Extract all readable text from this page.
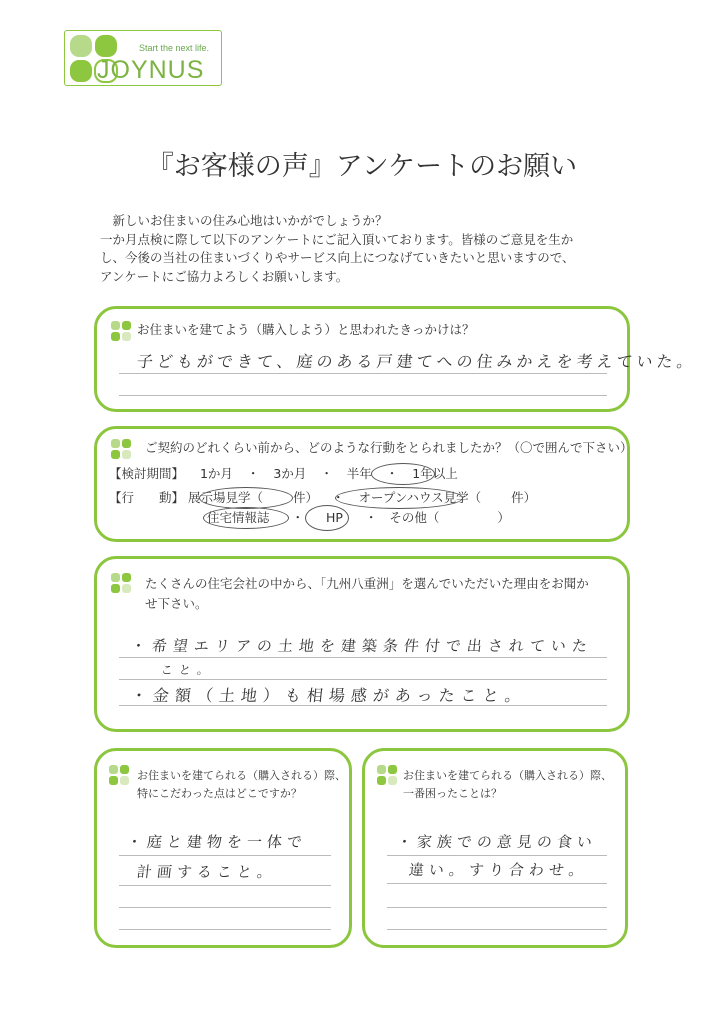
Start the next life.
JOYNUS
『お客様の声』アンケートのお願い
　新しいお住まいの住み心地はいかがでしょうか？
一か月点検に際して以下のアンケートにご記入頂いております。皆様のご意見を生か
し、今後の当社の住まいづくりやサービス向上につなげていきたいと思いますので、
アンケートにご協力よろしくお願いします。
お住まいを建てよう（購入しよう）と思われたきっかけは？
子どもができて、庭のある戸建てへの住みかえを考えていた。
ご契約のどれくらい前から、どのような行動をとられましたか？（〇で囲んで下さい）
【検討期間】 1か月 ・ 3か月 ・ 半年 ・ 1年以上
【行　　動】 展示場見学（ 件） ・ オープンハウス見学（ 件）
住宅情報誌 ・ HP ・ その他（	）
たくさんの住宅会社の中から、「九州八重洲」を選んでいただいた理由をお聞か
せ下さい。
・希望エリアの土地を建築条件付で出されていた
こと。
・金額（土地）も相場感があったこと。
お住まいを建てられる（購入される）際、
特にこだわった点はどこですか？
・庭と建物を一体で
計画すること。
お住まいを建てられる（購入される）際、
一番困ったことは？
・家族での意見の食い
違い。すり合わせ。
